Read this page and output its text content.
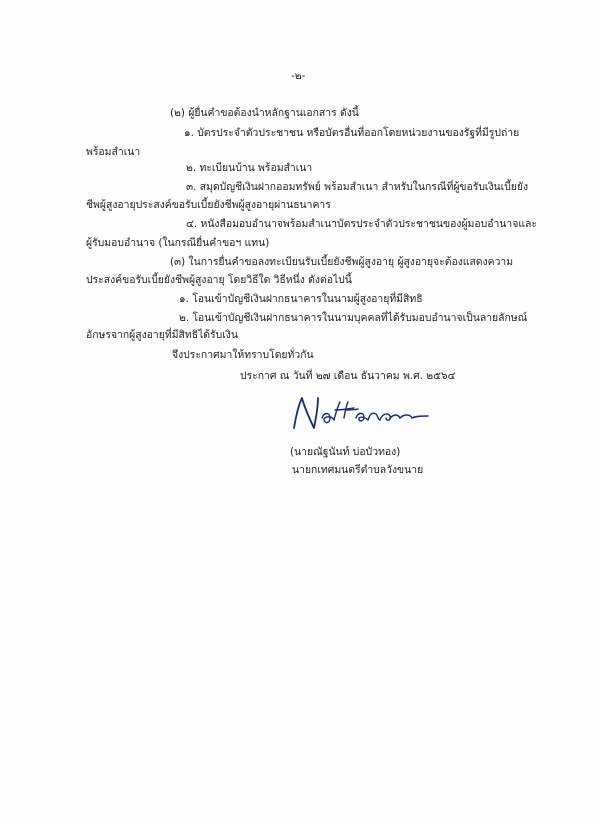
-๒-
(๒) ผู้ยื่นคำขอต้องนำหลักฐานเอกสาร ดังนี้
๑. บัตรประจำตัวประชาชน หรือบัตรอื่นที่ออกโดยหน่วยงานของรัฐที่มีรูปถ่าย
พร้อมสำเนา
๒. ทะเบียนบ้าน พร้อมสำเนา
๓. สมุดบัญชีเงินฝากออมทรัพย์ พร้อมสำเนา สำหรับในกรณีที่ผู้ขอรับเงินเบี้ยยัง
ชีพผู้สูงอายุประสงค์ขอรับเบี้ยยังชีพผู้สูงอายุผ่านธนาคาร
๔. หนังสือมอบอำนาจพร้อมสำเนาบัตรประจำตัวประชาชนของผู้มอบอำนาจและ
ผู้รับมอบอำนาจ (ในกรณียื่นคำขอฯ แทน)
(๓) ในการยื่นคำขอลงทะเบียนรับเบี้ยยังชีพผู้สูงอายุ ผู้สูงอายุจะต้องแสดงความ
ประสงค์ขอรับเบี้ยยังชีพผู้สูงอายุ โดยวิธีใด วิธีหนึ่ง ดังต่อไปนี้
๑. โอนเข้าบัญชีเงินฝากธนาคารในนามผู้สูงอายุที่มีสิทธิ
๒. โอนเข้าบัญชีเงินฝากธนาคารในนามบุคคลที่ได้รับมอบอำนาจเป็นลายลักษณ์
อักษรจากผู้สูงอายุที่มีสิทธิได้รับเงิน
จึงประกาศมาให้ทราบโดยทั่วกัน
ประกาศ ณ วันที่ ๒๗ เดือน ธันวาคม พ.ศ. ๒๕๖๔
(นายณัฐนันท์ บ่อบัวทอง)
นายกเทศมนตรีตำบลวังขนาย
